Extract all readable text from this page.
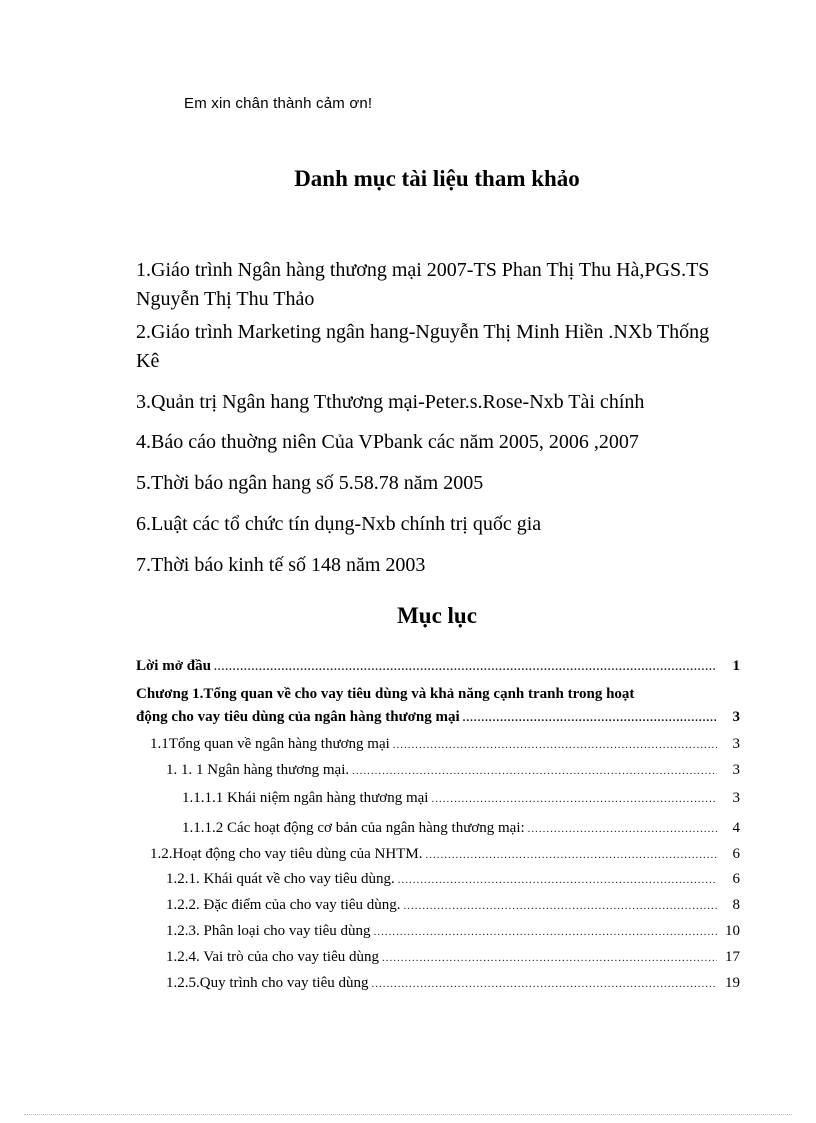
Em xin chân thành cảm ơn!
Danh mục tài liệu tham khảo
1.Giáo trình Ngân hàng thương mại 2007-TS Phan Thị Thu Hà,PGS.TS Nguyễn Thị Thu Thảo
2.Giáo trình Marketing ngân hang-Nguyễn Thị Minh Hiền .NXb Thống Kê
3.Quản trị Ngân hang Tthương mại-Peter.s.Rose-Nxb Tài chính
4.Báo cáo thuờng niên Của VPbank các năm 2005, 2006 ,2007
5.Thời báo ngân hang số 5.58.78 năm 2005
6.Luật các tổ chức tín dụng-Nxb chính trị quốc gia
7.Thời báo kinh tế số 148 năm 2003
Mục lục
Lời mở đầu .....	1
Chương 1.Tổng quan về cho vay tiêu dùng và khả năng cạnh tranh trong hoạt
động cho vay tiêu dùng của ngân hàng thương mại .....	3
1.1Tổng quan về ngân hàng thương mại .....	3
1. 1. 1 Ngân hàng thương mại. .....	3
1.1.1.1 Khái niệm ngân hàng thương mại .....	3
1.1.1.2 Các hoạt động cơ bản của ngân hàng thương mại: .....	4
1.2.Hoạt động cho vay tiêu dùng của NHTM. .....	6
1.2.1. Khái quát về cho vay tiêu dùng. .....	6
1.2.2. Đặc điểm của cho vay tiêu dùng. .....	8
1.2.3. Phân loại cho vay tiêu dùng .....	10
1.2.4. Vai trò của cho vay tiêu dùng .....	17
1.2.5.Quy trình cho vay tiêu dùng .....	19
